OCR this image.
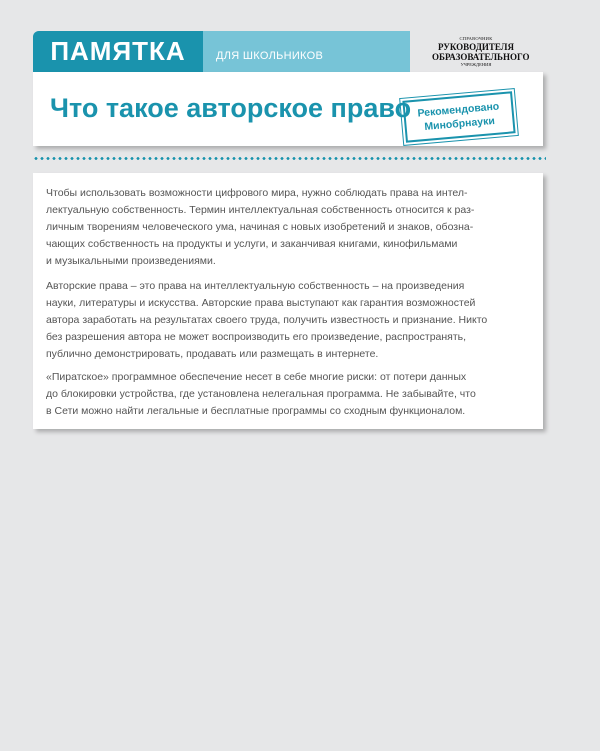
ПАМЯТКА	ДЛЯ ШКОЛЬНИКОВ
СПРАВОЧНИК
РУКОВОДИТЕЛЯ
ОБРАЗОВАТЕЛЬНОГО
УЧРЕЖДЕНИЯ
Что такое авторское право Рекомендовано
Минобрнауки
Чтобы использовать возможности цифрового мира, нужно соблюдать права на интел-
лектуальную собственность. Термин интеллектуальная собственность относится к раз-
личным творениям человеческого ума, начиная с новых изобретений и знаков, обозна-
чающих собственность на продукты и услуги, и заканчивая книгами, кинофильмами
и музыкальными произведениями.
Авторские права – это права на интеллектуальную собственность – на произведения
науки, литературы и искусства. Авторские права выступают как гарантия возможностей
автора заработать на результатах своего труда, получить известность и признание. Никто
без разрешения автора не может воспроизводить его произведение, распространять,
публично демонстрировать, продавать или размещать в интернете.
«Пиратское» программное обеспечение несет в себе многие риски: от потери данных
до блокировки устройства, где установлена нелегальная программа. Не забывайте, что
в Сети можно найти легальные и бесплатные программы со сходным функционалом.
